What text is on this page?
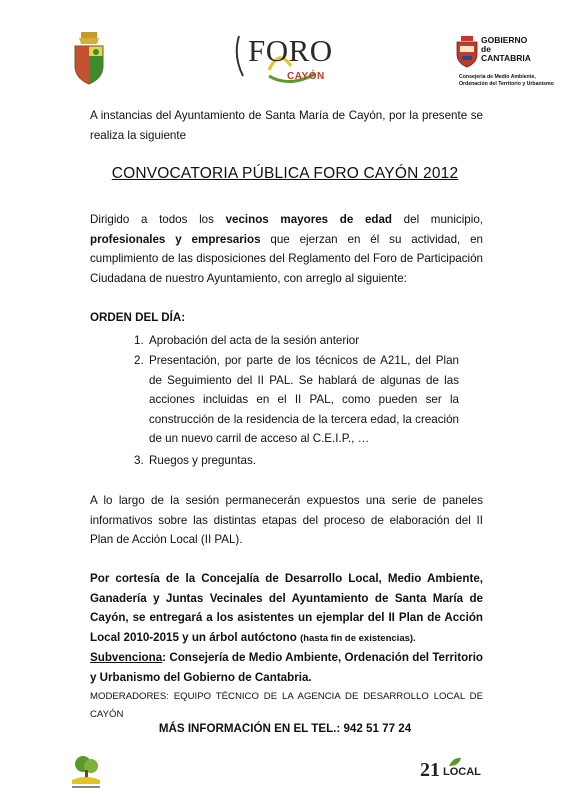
FORO
CAYÓN
GOBIERNO
de
CANTABRIA
Consejería de Medio Ambiente,
Ordenación del Territorio y Urbanismo
A instancias del Ayuntamiento de Santa María de Cayón, por la presente se realiza la siguiente
CONVOCATORIA PÚBLICA FORO CAYÓN 2012
Dirigido a todos los vecinos mayores de edad del municipio, profesionales y empresarios que ejerzan en él su actividad, en cumplimiento de las disposiciones del Reglamento del Foro de Participación Ciudadana de nuestro Ayuntamiento, con arreglo al siguiente:
ORDEN DEL DÍA:
1. Aprobación del acta de la sesión anterior
2. Presentación, por parte de los técnicos de A21L, del Plan de Seguimiento del II PAL. Se hablará de algunas de las acciones incluidas en el II PAL, como pueden ser la construcción de la residencia de la tercera edad, la creación de un nuevo carril de acceso al C.E.I.P., …
3. Ruegos y preguntas.
A lo largo de la sesión permanecerán expuestos una serie de paneles informativos sobre las distintas etapas del proceso de elaboración del II Plan de Acción Local (II PAL).
Por cortesía de la Concejalía de Desarrollo Local, Medio Ambiente, Ganadería y Juntas Vecinales del Ayuntamiento de Santa María de Cayón, se entregará a los asistentes un ejemplar del II Plan de Acción Local 2010-2015 y un árbol autóctono (hasta fin de existencias).
Subvenciona: Consejería de Medio Ambiente, Ordenación del Territorio y Urbanismo del Gobierno de Cantabria.
MODERADORES: EQUIPO TÉCNICO DE LA AGENCIA DE DESARROLLO LOCAL DE CAYÓN
MÁS INFORMACIÓN EN EL TEL.: 942 51 77 24
21 LOCAL
